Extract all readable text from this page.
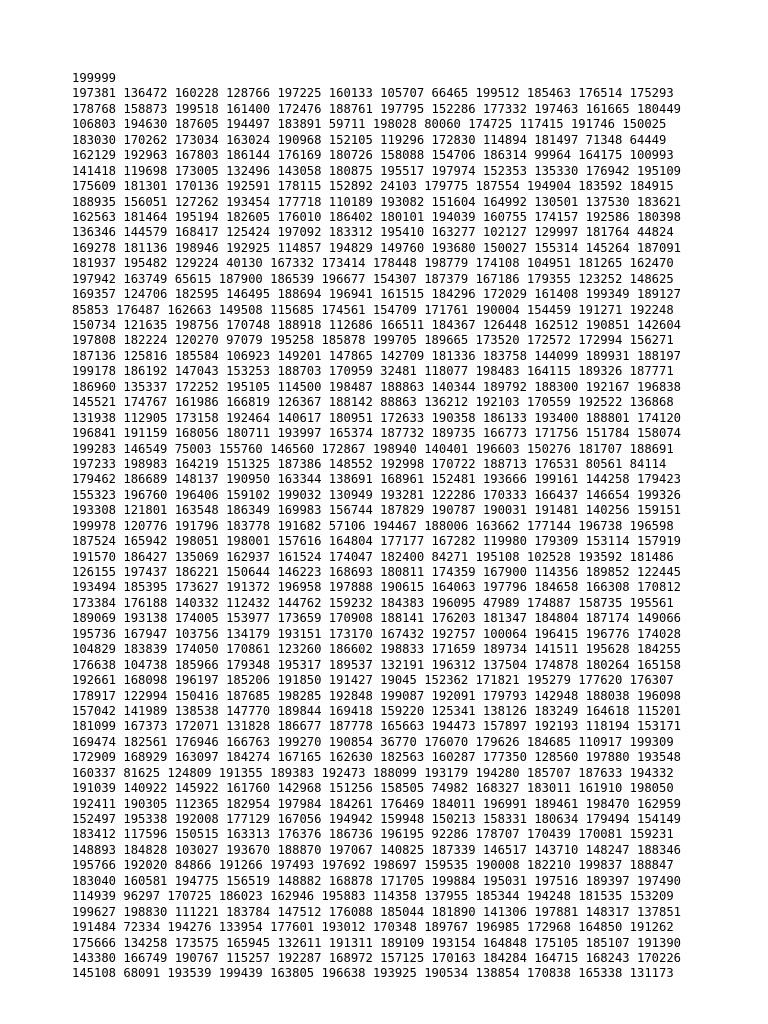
199999
197381 136472 160228 128766 197225 160133 105707 66465 199512 185463 176514 175293
178768 158873 199518 161400 172476 188761 197795 152286 177332 197463 161665 180449
106803 194630 187605 194497 183891 59711 198028 80060 174725 117415 191746 150025
183030 170262 173034 163024 190968 152105 119296 172830 114894 181497 71348 64449
162129 192963 167803 186144 176169 180726 158088 154706 186314 99964 164175 100993
141418 119698 173005 132496 143058 180875 195517 197974 152353 135330 176942 195109
175609 181301 170136 192591 178115 152892 24103 179775 187554 194904 183592 184915
188935 156051 127262 193454 177718 110189 193082 151604 164992 130501 137530 183621
162563 181464 195194 182605 176010 186402 180101 194039 160755 174157 192586 180398
136346 144579 168417 125424 197092 183312 195410 163277 102127 129997 181764 44824
169278 181136 198946 192925 114857 194829 149760 193680 150027 155314 145264 187091
181937 195482 129224 40130 167332 173414 178448 198779 174108 104951 181265 162470
197942 163749 65615 187900 186539 196677 154307 187379 167186 179355 123252 148625
169357 124706 182595 146495 188694 196941 161515 184296 172029 161408 199349 189127
85853 176487 162663 149508 115685 174561 154709 171761 190004 154459 191271 192248
150734 121635 198756 170748 188918 112686 166511 184367 126448 162512 190851 142604
197808 182224 120270 97079 195258 185878 199705 189665 173520 172572 172994 156271
187136 125816 185584 106923 149201 147865 142709 181336 183758 144099 189931 188197
199178 186192 147043 153253 188703 170959 32481 118077 198483 164115 189326 187771
186960 135337 172252 195105 114500 198487 188863 140344 189792 188300 192167 196838
145521 174767 161986 166819 126367 188142 88863 136212 192103 170559 192522 136868
131938 112905 173158 192464 140617 180951 172633 190358 186133 193400 188801 174120
196841 191159 168056 180711 193997 165374 187732 189735 166773 171756 151784 158074
199283 146549 75003 155760 146560 172867 198940 140401 196603 150276 181707 188691
197233 198983 164219 151325 187386 148552 192998 170722 188713 176531 80561 84114
179462 186689 148137 190950 163344 138691 168961 152481 193666 199161 144258 179423
155323 196760 196406 159102 199032 130949 193281 122286 170333 166437 146654 199326
193308 121801 163548 186349 169983 156744 187829 190787 190031 191481 140256 159151
199978 120776 191796 183778 191682 57106 194467 188006 163662 177144 196738 196598
187524 165942 198051 198001 157616 164804 177177 167282 119980 179309 153114 157919
191570 186427 135069 162937 161524 174047 182400 84271 195108 102528 193592 181486
126155 197437 186221 150644 146223 168693 180811 174359 167900 114356 189852 122445
193494 185395 173627 191372 196958 197888 190615 164063 197796 184658 166308 170812
173384 176188 140332 112432 144762 159232 184383 196095 47989 174887 158735 195561
189069 193138 174005 153977 173659 170908 188141 176203 181347 184804 187174 149066
195736 167947 103756 134179 193151 173170 167432 192757 100064 196415 196776 174028
104829 183839 174050 170861 123260 186602 198833 171659 189734 141511 195628 184255
176638 104738 185966 179348 195317 189537 132191 196312 137504 174878 180264 165158
192661 168098 196197 185206 191850 191427 19045 152362 171821 195279 177620 176307
178917 122994 150416 187685 198285 192848 199087 192091 179793 142948 188038 196098
157042 141989 138538 147770 189844 169418 159220 125341 138126 183249 164618 115201
181099 167373 172071 131828 186677 187778 165663 194473 157897 192193 118194 153171
169474 182561 176946 166763 199270 190854 36770 176070 179626 184685 110917 199309
172909 168929 163097 184274 167165 162630 182563 160287 177350 128560 197880 193548
160337 81625 124809 191355 189383 192473 188099 193179 194280 185707 187633 194332
191039 140922 145922 161760 142968 151256 158505 74982 168327 183011 161910 198050
192411 190305 112365 182954 197984 184261 176469 184011 196991 189461 198470 162959
152497 195338 192008 177129 167056 194942 159948 150213 158331 180634 179494 154149
183412 117596 150515 163313 176376 186736 196195 92286 178707 170439 170081 159231
148893 184828 103027 193670 188870 197067 140825 187339 146517 143710 148247 188346
195766 192020 84866 191266 197493 197692 198697 159535 190008 182210 199837 188847
183040 160581 194775 156519 148882 168878 171705 199884 195031 197516 189397 197490
114939 96297 170725 186023 162946 195883 114358 137955 185344 194248 181535 153209
199627 198830 111221 183784 147512 176088 185044 181890 141306 197881 148317 137851
191484 72334 194276 133954 177601 193012 170348 189767 196985 172968 164850 191262
175666 134258 173575 165945 132611 191311 189109 193154 164848 175105 185107 191390
143380 166749 190767 115257 192287 168972 157125 170163 184284 164715 168243 170226
145108 68091 193539 199439 163805 196638 193925 190534 138854 170838 165338 131173
